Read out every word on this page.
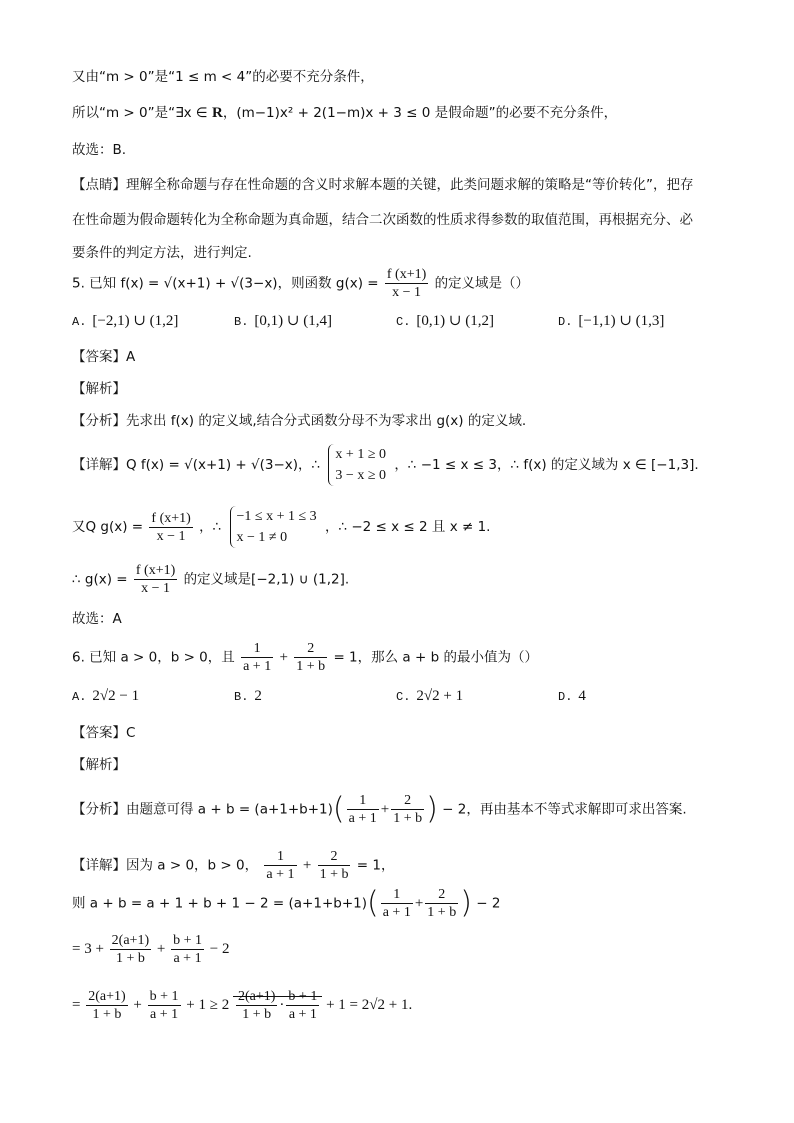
又由“m > 0”是“1 ≤ m < 4”的必要不充分条件，
所以“m > 0”是“∃x ∈ R，(m−1)x² + 2(1−m)x + 3 ≤ 0 是假命题”的必要不充分条件，
故选：B.
【点睛】理解全称命题与存在性命题的含义时求解本题的关键，此类问题求解的策略是“等价转化”，把存
在性命题为假命题转化为全称命题为真命题，结合二次函数的性质求得参数的取值范围，再根据充分、必
要条件的判定方法，进行判定.
5. 已知 f(x) = √(x+1) + √(3−x)，则函数 $g(x) = \frac{f (x+1)}{x - 1}$ 的定义域是（）
A. [−2,1) ∪ (1,2]	B. [0,1) ∪ (1,4]	C. [0,1) ∪ (1,2]	D. [−1,1) ∪ (1,3]
【答案】A
【解析】
【分析】先求出 f(x) 的定义域,结合分式函数分母不为零求出 g(x) 的定义域.
【详解】Q f(x) = √(x+1) + √(3−x)，∴
x + 1 ≥ 0
3 − x ≥ 0
，∴ −1 ≤ x ≤ 3，∴ f(x) 的定义域为 x ∈ [−1,3].
又Q $g(x) = \frac{f (x+1)}{x - 1}$ ，∴
−1 ≤ x + 1 ≤ 3
x − 1 ≠ 0
，∴ −2 ≤ x ≤ 2 且 x ≠ 1.
∴ $g(x) = \frac{f (x+1)}{x - 1}$ 的定义域是[−2,1) ∪ (1,2].
故选：A
6. 已知 a > 0，b > 0，且 $\frac{1}{a + 1} + \frac{2}{1 + b} = 1$，那么 a + b 的最小值为（）
A. 2√2 − 1	B. 2	C. 2√2 + 1	D. 4
【答案】C
【解析】
【分析】由题意可得 $a + b = (a+1+b+1)( \frac{1}{a + 1} + \frac{2}{1 + b}$ ) − 2，再由基本不等式求解即可求出答案.
【详解】因为 a > 0，b > 0， $\frac{1}{a + 1} + \frac{2}{1 + b} = 1$，
则 $a + b = a + 1 + b + 1 - 2 = (a+1+b+1)( \frac{1}{a + 1} + \frac{2}{1 + b}$ ) − 2
= $3 + \frac{2(a+1)}{1 + b} + \frac{b + 1}{a + 1} - 2$
= $\frac{2(a+1)}{1 + b} + \frac{b + 1}{a + 1} + 1 \ge 2 \frac{2(a+1)}{1 + b} \cdot \frac{b + 1}{a + 1} + 1 = 2√2 + 1$.
